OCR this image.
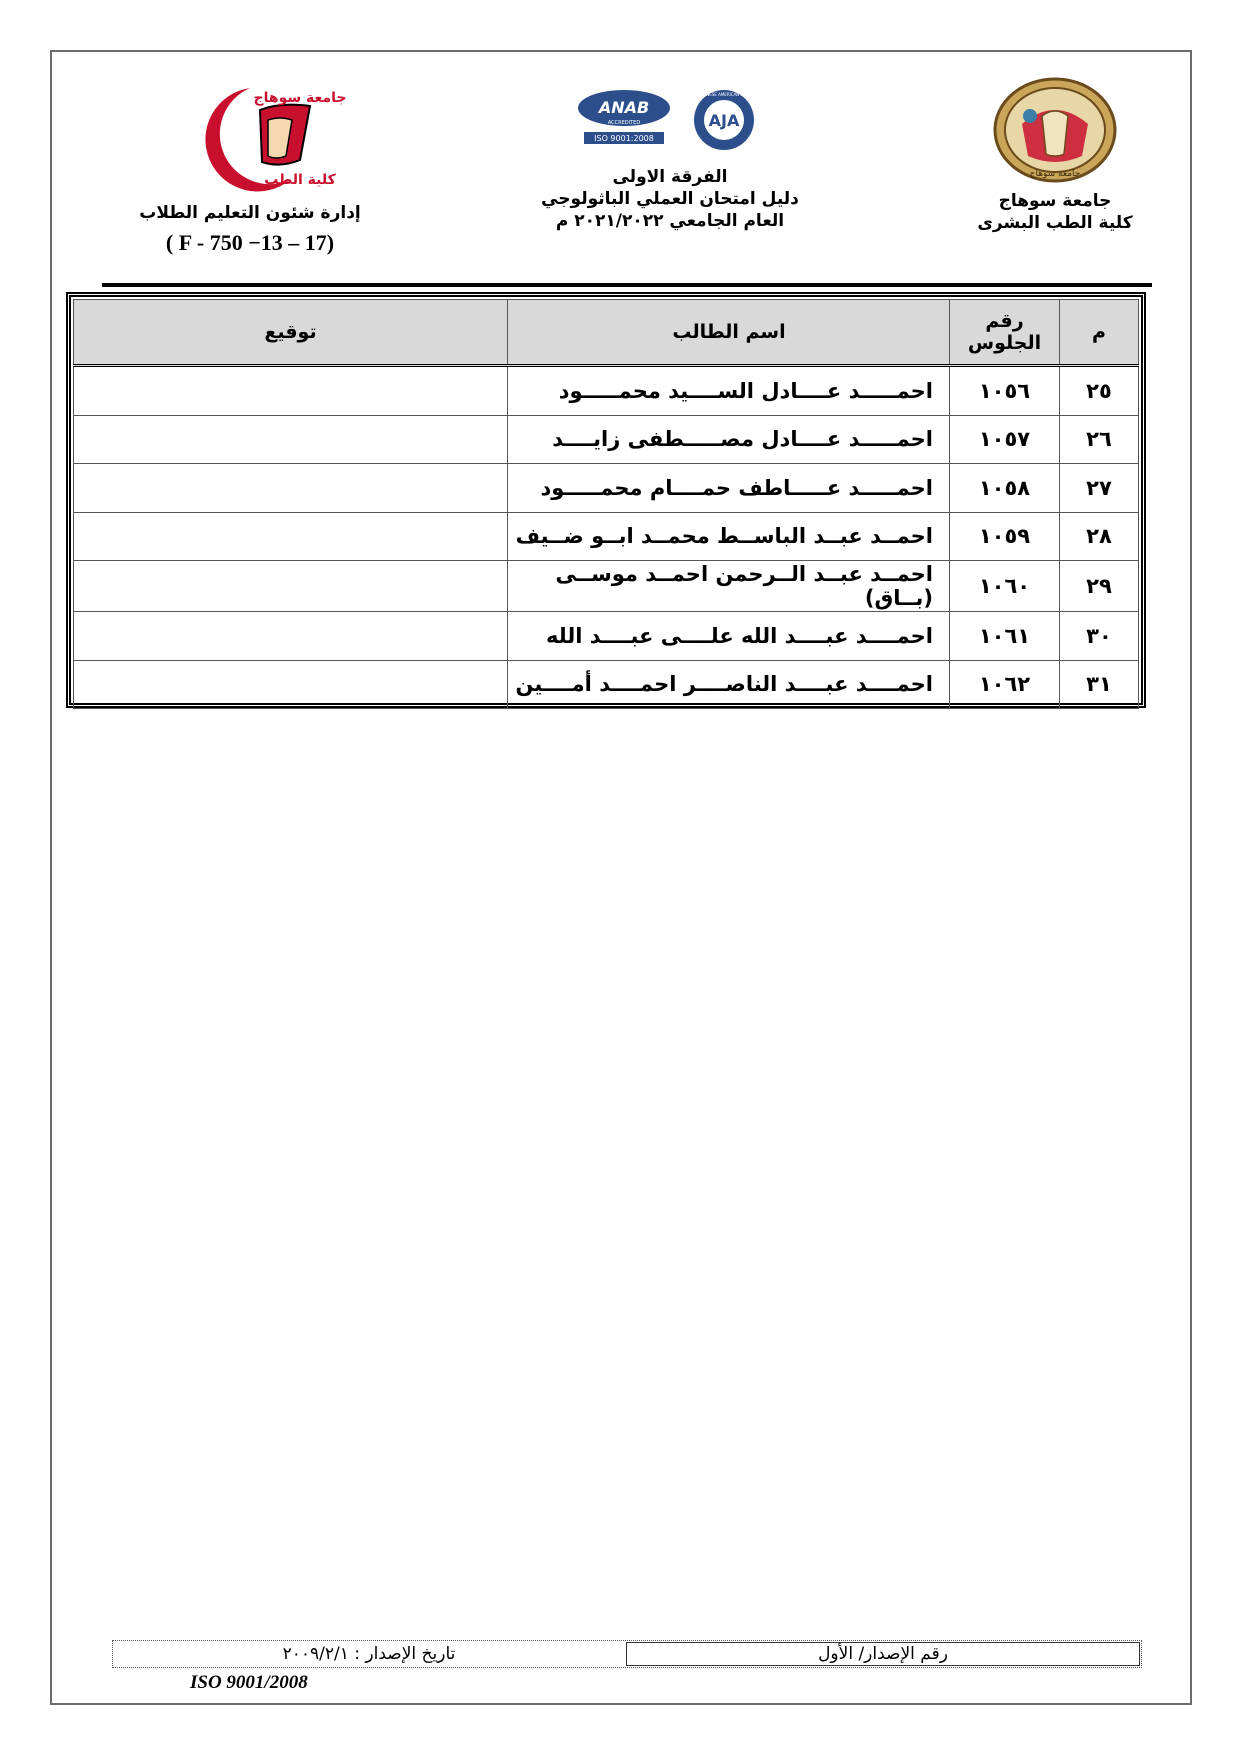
جامعة سوهاج
جامعة سوهاج
كلية الطب البشرى
ANAB
ACCREDITED
ISO 9001:2008
AJA
ANGLO JAPANESE AMERICAN REGISTRARS
الفرقة الاولى
دليل امتحان العملي الباثولوجي
العام الجامعي ٢٠٢١/٢٠٢٢ م
جامعة سوهاج
كلية الطب
إدارة شئون التعليم الطلاب
( F - 750 −13 – 17)
م	رقم الجلوس	اسم الطالب	توقيع
٢٥	١٠٥٦	احمـــــد عــــادل الســــيد محمـــــود	
٢٦	١٠٥٧	احمـــــد عــــادل مصـــــطفى زايــــد	
٢٧	١٠٥٨	احمـــــد عـــــاطف حمــــام محمـــــود	
٢٨	١٠٥٩	احمــد عبــد الباســط محمــد ابــو ضــيف	
٢٩	١٠٦٠	احمــد عبــد الــرحمن احمــد موســى (بــاق)	
٣٠	١٠٦١	احمــــد عبــــد الله علــــى عبــــد الله	
٣١	١٠٦٢	احمــــد عبــــد الناصــــر احمــــد أمــــين	
رقم الإصدار/ الأول
تاريخ الإصدار : ٢٠٠٩/٢/١
ISO 9001/2008
